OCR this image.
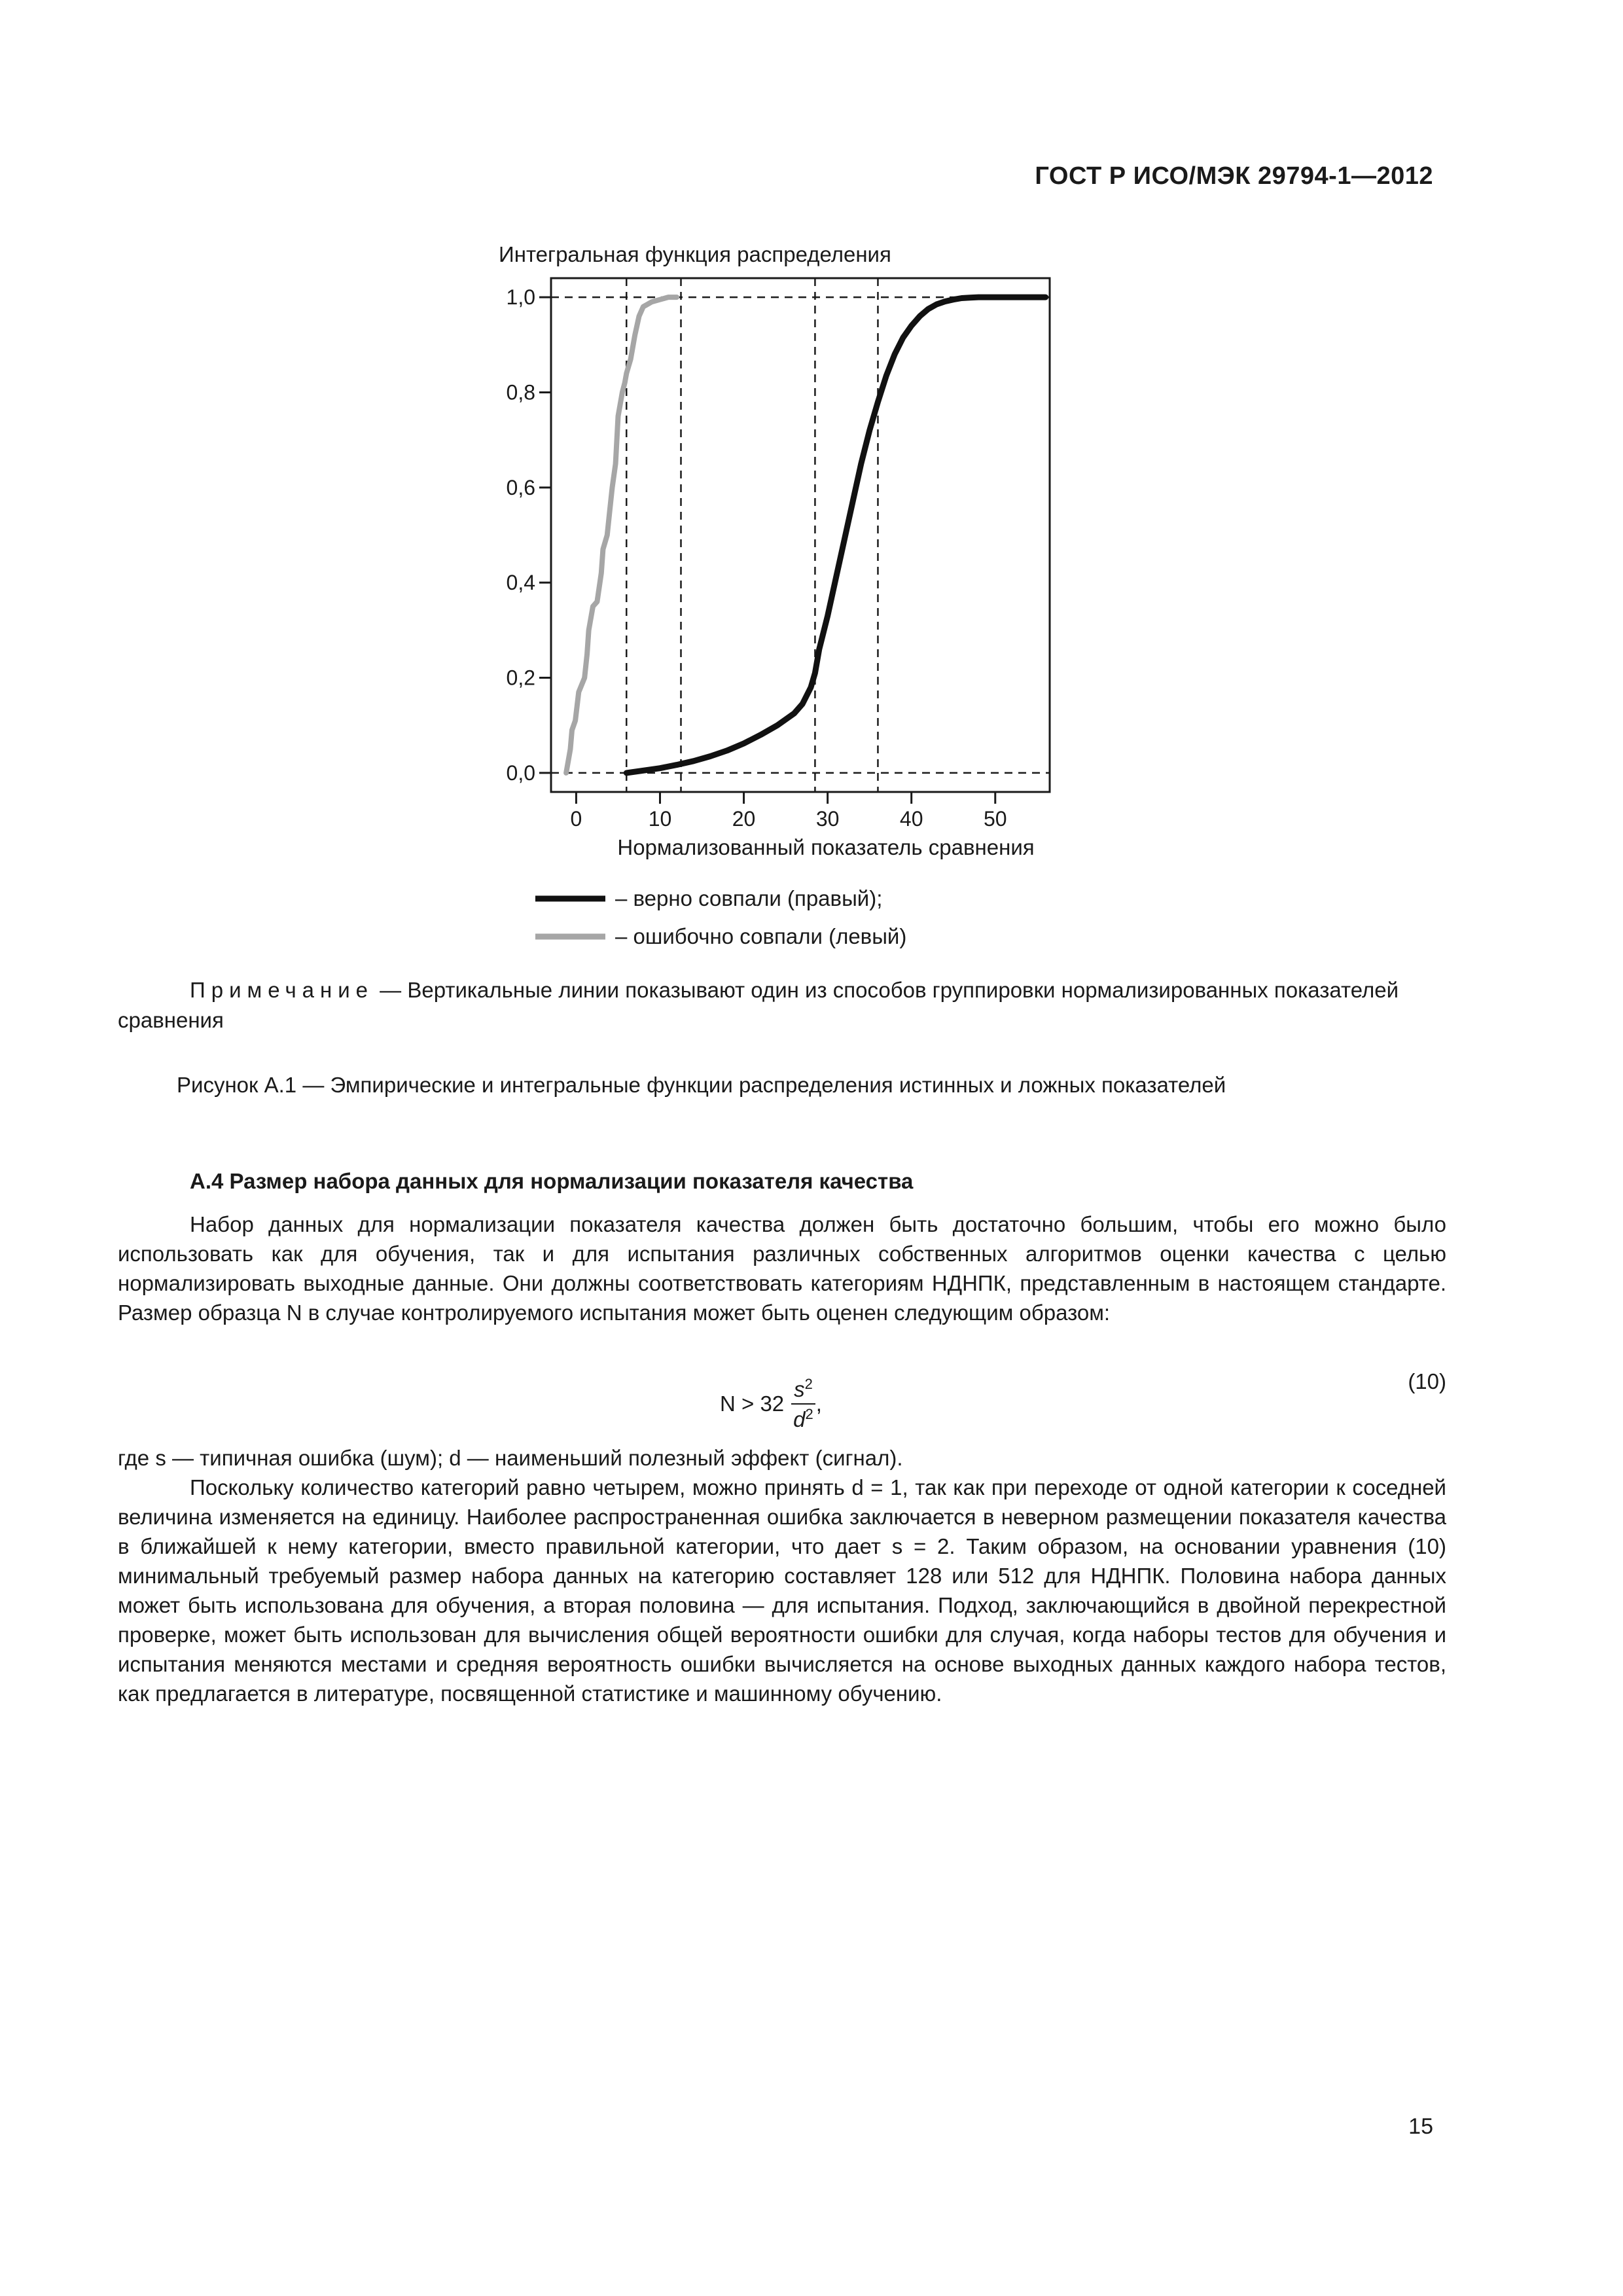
ГОСТ Р ИСО/МЭК 29794-1—2012
Интегральная функция распределения
0,0
0,2
0,4
0,6
0,8
1,0
0	10	20	30	40	50
Нормализованный показатель сравнения
– верно совпали (правый);
– ошибочно совпали (левый)
Примечание — Вертикальные линии показывают один из способов группировки нормализированных показателей сравнения
Рисунок А.1 — Эмпирические и интегральные функции распределения истинных и ложных показателей
А.4 Размер набора данных для нормализации показателя качества
Набор данных для нормализации показателя качества должен быть достаточно большим, чтобы его можно было использовать как для обучения, так и для испытания различных собственных алгоритмов оценки качества с целью нормализировать выходные данные. Они должны соответствовать категориям НДНПК, представленным в настоящем стандарте. Размер образца N в случае контролируемого испытания может быть оценен следующим образом:
$N > 32 \frac{s^2}{d^2}$ ,
(10)
где s — типичная ошибка (шум); d — наименьший полезный эффект (сигнал).
Поскольку количество категорий равно четырем, можно принять d = 1, так как при переходе от одной категории к соседней величина изменяется на единицу. Наиболее распространенная ошибка заключается в неверном размещении показателя качества в ближайшей к нему категории, вместо правильной категории, что дает s = 2. Таким образом, на основании уравнения (10) минимальный требуемый размер набора данных на категорию составляет 128 или 512 для НДНПК. Половина набора данных может быть использована для обучения, а вторая половина — для испытания. Подход, заключающийся в двойной перекрестной проверке, может быть использован для вычисления общей вероятности ошибки для случая, когда наборы тестов для обучения и испытания меняются местами и средняя вероятность ошибки вычисляется на основе выходных данных каждого набора тестов, как предлагается в литературе, посвященной статистике и машинному обучению.
15
